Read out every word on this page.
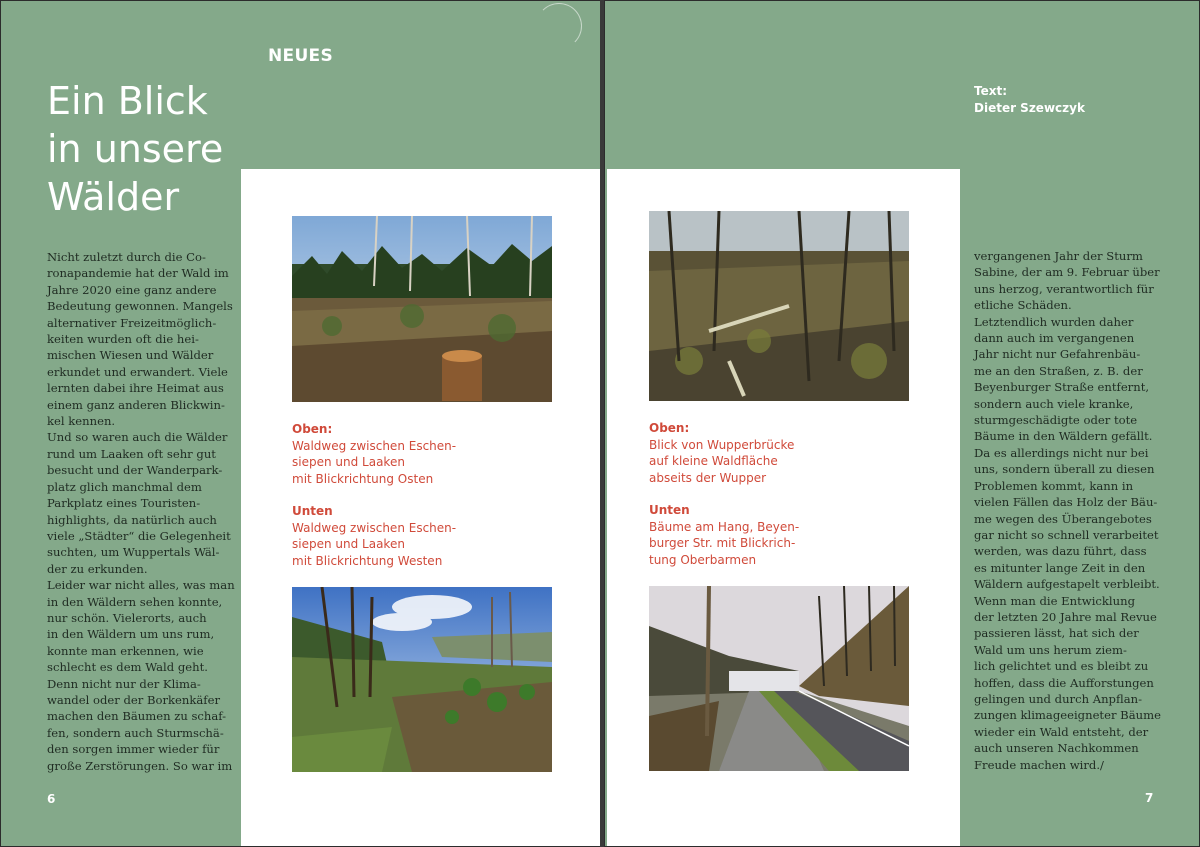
NEUES
Ein Blick
in unsere
Wälder
Nicht zuletzt durch die Co-
ronapandemie hat der Wald im
Jahre 2020 eine ganz andere
Bedeutung gewonnen. Mangels
alternativer Freizeitmöglich-
keiten wurden oft die hei-
mischen Wiesen und Wälder
erkundet und erwandert. Viele
lernten dabei ihre Heimat aus
einem ganz anderen Blickwin-
kel kennen.
Und so waren auch die Wälder
rund um Laaken oft sehr gut
besucht und der Wanderpark-
platz glich manchmal dem
Parkplatz eines Touristen-
highlights, da natürlich auch
viele „Städter“ die Gelegenheit
suchten, um Wuppertals Wäl-
der zu erkunden.
Leider war nicht alles, was man
in den Wäldern sehen konnte,
nur schön. Vielerorts, auch
in den Wäldern um uns rum,
konnte man erkennen, wie
schlecht es dem Wald geht.
Denn nicht nur der Klima-
wandel oder der Borkenkäfer
machen den Bäumen zu schaf-
fen, sondern auch Sturmschä-
den sorgen immer wieder für
große Zerstörungen. So war im
6
Oben:
Waldweg zwischen Eschen-
siepen und Laaken
mit Blickrichtung Osten
Unten
Waldweg zwischen Eschen-
siepen und Laaken
mit Blickrichtung Westen
Text:
Dieter Szewczyk
vergangenen Jahr der Sturm
Sabine, der am 9. Februar über
uns herzog, verantwortlich für
etliche Schäden.
Letztendlich wurden daher
dann auch im vergangenen
Jahr nicht nur Gefahrenbäu-
me an den Straßen, z. B. der
Beyenburger Straße entfernt,
sondern auch viele kranke,
sturmgeschädigte oder tote
Bäume in den Wäldern gefällt.
Da es allerdings nicht nur bei
uns, sondern überall zu diesen
Problemen kommt, kann in
vielen Fällen das Holz der Bäu-
me wegen des Überangebotes
gar nicht so schnell verarbeitet
werden, was dazu führt, dass
es mitunter lange Zeit in den
Wäldern aufgestapelt verbleibt.
Wenn man die Entwicklung
der letzten 20 Jahre mal Revue
passieren lässt, hat sich der
Wald um uns herum ziem-
lich gelichtet und es bleibt zu
hoffen, dass die Aufforstungen
gelingen und durch Anpflan-
zungen klimageeigneter Bäume
wieder ein Wald entsteht, der
auch unseren Nachkommen
Freude machen wird./
7
Oben:
Blick von Wupperbrücke
auf kleine Waldfläche
abseits der Wupper
Unten
Bäume am Hang, Beyen-
burger Str. mit Blickrich-
tung Oberbarmen
